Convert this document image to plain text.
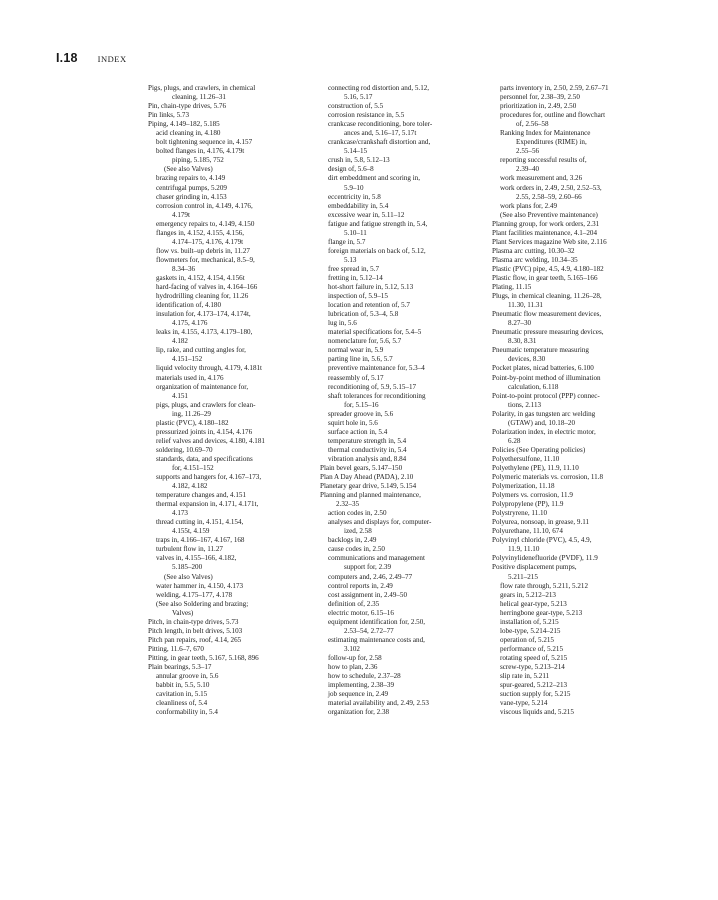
I.18 INDEX
Pigs, plugs, and crawlers, in chemical
cleaning, 11.26–31
Pin, chain-type drives, 5.76
Pin links, 5.73
Piping, 4.149–182, 5.185
acid cleaning in, 4.180
bolt tightening sequence in, 4.157
bolted flanges in, 4.176, 4.179t
piping, 5.185, 752
(See also Valves)
brazing repairs to, 4.149
centrifugal pumps, 5.209
chaser grinding in, 4.153
corrosion control in, 4.149, 4.176,
4.179t
emergency repairs to, 4.149, 4.150
flanges in, 4.152, 4.155, 4.156,
4.174–175, 4.176, 4.179t
flow vs. built–up debris in, 11.27
flowmeters for, mechanical, 8.5–9,
8.34–36
gaskets in, 4.152, 4.154, 4.156t
hard-facing of valves in, 4.164–166
hydrodrilling cleaning for, 11.26
identification of, 4.180
insulation for, 4.173–174, 4.174t,
4.175, 4.176
leaks in, 4.155, 4.173, 4.179–180,
4.182
lip, rake, and cutting angles for,
4.151–152
liquid velocity through, 4.179, 4.181t
materials used in, 4.176
organization of maintenance for,
4.151
pigs, plugs, and crawlers for clean-
ing, 11.26–29
plastic (PVC), 4.180–182
pressurized joints in, 4.154, 4.176
relief valves and devices, 4.180, 4.181
soldering, 10.69–70
standards, data, and specifications
for, 4.151–152
supports and hangers for, 4.167–173,
4.182, 4.182
temperature changes and, 4.151
thermal expansion in, 4.171, 4.171t,
4.173
thread cutting in, 4.151, 4.154,
4.155t, 4.159
traps in, 4.166–167, 4.167, 168
turbulent flow in, 11.27
valves in, 4.155–166, 4.182,
5.185–200
(See also Valves)
water hammer in, 4.150, 4.173
welding, 4.175–177, 4.178
(See also Soldering and brazing;
Valves)
Pitch, in chain-type drives, 5.73
Pitch length, in belt drives, 5.103
Pitch pan repairs, roof, 4.14, 265
Pitting, 11.6–7, 670
Pitting, in gear teeth, 5.167, 5.168, 896
Plain bearings, 5.3–17
annular groove in, 5.6
babbit in, 5.5, 5.10
cavitation in, 5.15
cleanliness of, 5.4
conformability in, 5.4
connecting rod distortion and, 5.12,
5.16, 5.17
construction of, 5.5
corrosion resistance in, 5.5
crankcase reconditioning, bore toler-
ances and, 5.16–17, 5.17t
crankcase/crankshaft distortion and,
5.14–15
crush in, 5.8, 5.12–13
design of, 5.6–8
dirt embeddment and scoring in,
5.9–10
eccentricity in, 5.8
embeddability in, 5.4
excessive wear in, 5.11–12
fatigue and fatigue strength in, 5.4,
5.10–11
flange in, 5.7
foreign materials on back of, 5.12,
5.13
free spread in, 5.7
fretting in, 5.12–14
hot-short failure in, 5.12, 5.13
inspection of, 5.9–15
location and retention of, 5.7
lubrication of, 5.3–4, 5.8
lug in, 5.6
material specifications for, 5.4–5
nomenclature for, 5.6, 5.7
normal wear in, 5.9
parting line in, 5.6, 5.7
preventive maintenance for, 5.3–4
reassembly of, 5.17
reconditioning of, 5.9, 5.15–17
shaft tolerances for reconditioning
for, 5.15–16
spreader groove in, 5.6
squirt hole in, 5.6
surface action in, 5.4
temperature strength in, 5.4
thermal conductivity in, 5.4
vibration analysis and, 8.84
Plain bevel gears, 5.147–150
Plan A Day Ahead (PADA), 2.10
Planetary gear drive, 5.149, 5.154
Planning and planned maintenance,
2.32–35
action codes in, 2.50
analyses and displays for, computer-
ized, 2.58
backlogs in, 2.49
cause codes in, 2.50
communications and management
support for, 2.39
computers and, 2.46, 2.49–77
control reports in, 2.49
cost assignment in, 2.49–50
definition of, 2.35
electric motor, 6.15–16
equipment identification for, 2.50,
2.53–54, 2.72–77
estimating maintenance costs and,
3.102
follow-up for, 2.58
how to plan, 2.36
how to schedule, 2.37–28
implementing, 2.38–39
job sequence in, 2.49
material availability and, 2.49, 2.53
organization for, 2.38
parts inventory in, 2.50, 2.59, 2.67–71
personnel for, 2.38–39, 2.50
prioritization in, 2.49, 2.50
procedures for, outline and flowchart
of, 2.56–58
Ranking Index for Maintenance
Expenditures (RIME) in,
2.55–56
reporting successful results of,
2.39–40
work measurement and, 3.26
work orders in, 2.49, 2.50, 2.52–53,
2.55, 2.58–59, 2.60–66
work plans for, 2.49
(See also Preventive maintenance)
Planning group, for work orders, 2.31
Plant facilities maintenance, 4.1–204
Plant Services magazine Web site, 2.116
Plasma arc cutting, 10.30–32
Plasma arc welding, 10.34–35
Plastic (PVC) pipe, 4.5, 4.9, 4.180–182
Plastic flow, in gear teeth, 5.165–166
Plating, 11.15
Plugs, in chemical cleaning, 11.26–28,
11.30, 11.31
Pneumatic flow measurement devices,
8.27–30
Pneumatic pressure measuring devices,
8.30, 8.31
Pneumatic temperature measuring
devices, 8.30
Pocket plates, nicad batteries, 6.100
Point-by-point method of illumination
calculation, 6.118
Point-to-point protocol (PPP) connec-
tions, 2.113
Polarity, in gas tungsten arc welding
(GTAW) and, 10.18–20
Polarization index, in electric motor,
6.28
Policies (See Operating policies)
Polyethersulfone, 11.10
Polyethylene (PE), 11.9, 11.10
Polymeric materials vs. corrosion, 11.8
Polymerization, 11.18
Polymers vs. corrosion, 11.9
Polypropylene (PP), 11.9
Polystryrene, 11.10
Polyurea, nonsoap, in grease, 9.11
Polyurethane, 11.10, 674
Polyvinyl chloride (PVC), 4.5, 4.9,
11.9, 11.10
Polyvinylidenefluoride (PVDF), 11.9
Positive displacement pumps,
5.211–215
flow rate through, 5.211, 5.212
gears in, 5.212–213
helical gear-type, 5.213
herringbone gear-type, 5.213
installation of, 5.215
lobe-type, 5.214–215
operation of, 5.215
performance of, 5.215
rotating speed of, 5.215
screw-type, 5.213–214
slip rate in, 5.211
spur-geared, 5.212–213
suction supply for, 5.215
vane-type, 5.214
viscous liquids and, 5.215
